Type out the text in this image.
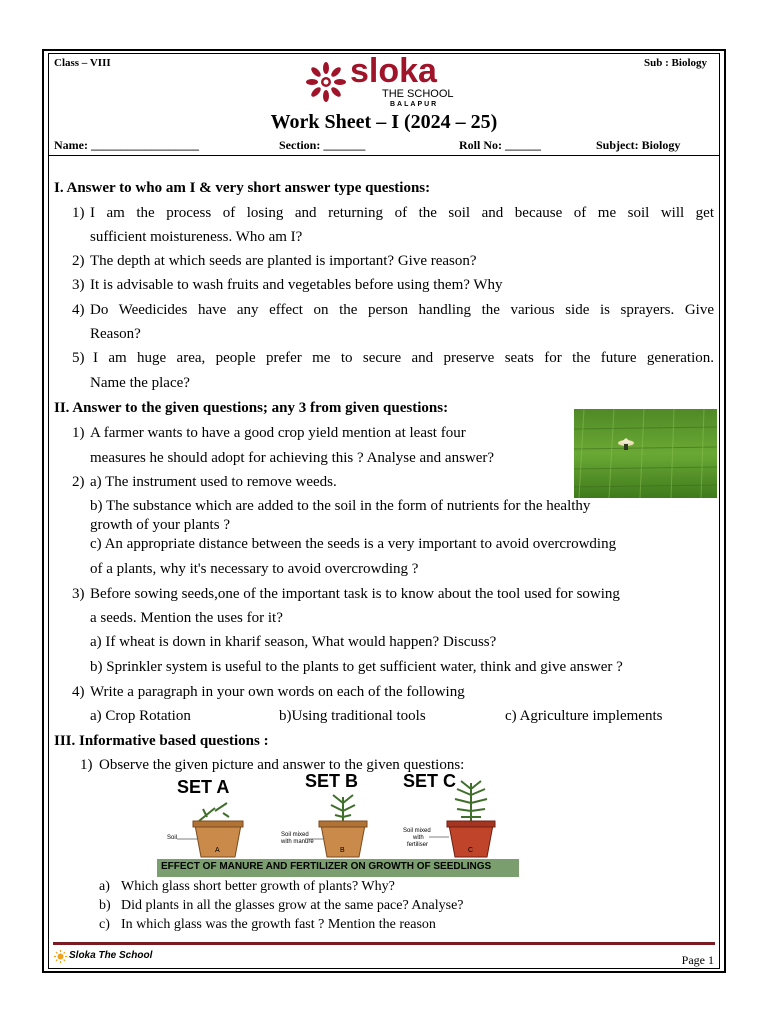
Class – VIII	Sub : Biology
sloka
THE SCHOOL
BALAPUR
Work Sheet – I (2024 – 25)
Name: __________________	Section: _______	Roll No: ______	Subject: Biology
I. Answer to who am I & very short answer type questions:
1) I am the process of losing and returning of the soil and because of me soil will get
sufficient moistureness. Who am I?
2) The depth at which seeds are planted is important? Give reason?
3) It is advisable to wash fruits and vegetables before using them? Why
4) Do Weedicides have any effect on the person handling the various side is sprayers. Give
Reason?
5) I am huge area, people prefer me to secure and preserve seats for the future generation.
Name the place?
II. Answer to the given questions; any 3 from given questions:
1) A farmer wants to have a good crop yield mention at least four
measures he should adopt for achieving this ? Analyse and answer?
2) a) The instrument used to remove weeds.
b) The substance which are added to the soil in the form of nutrients for the healthy
growth of your plants ?
c) An appropriate distance between the seeds is a very important to avoid overcrowding
of a plants, why it's necessary to avoid overcrowding ?
3) Before sowing seeds,one of the important task is to know about the tool used for sowing
a seeds. Mention the uses for it?
a) If wheat is down in kharif season, What would happen? Discuss?
b) Sprinkler system is useful to the plants to get sufficient water, think and give answer ?
4) Write a paragraph in your own words on each of the following
a) Crop Rotation	b)Using traditional tools	c) Agriculture implements
III. Informative based questions :
1) Observe the given picture and answer to the given questions:
SET A	SET B SET C
Soil	Soil mixed
with manure
Soil mixed
with
fertiliser
A	B	C
EFFECT OF MANURE AND FERTILIZER ON GROWTH OF SEEDLINGS
a) Which glass short better growth of plants? Why?
b) Did plants in all the glasses grow at the same pace? Analyse?
c) In which glass was the growth fast ? Mention the reason
Sloka The School	Page 1
